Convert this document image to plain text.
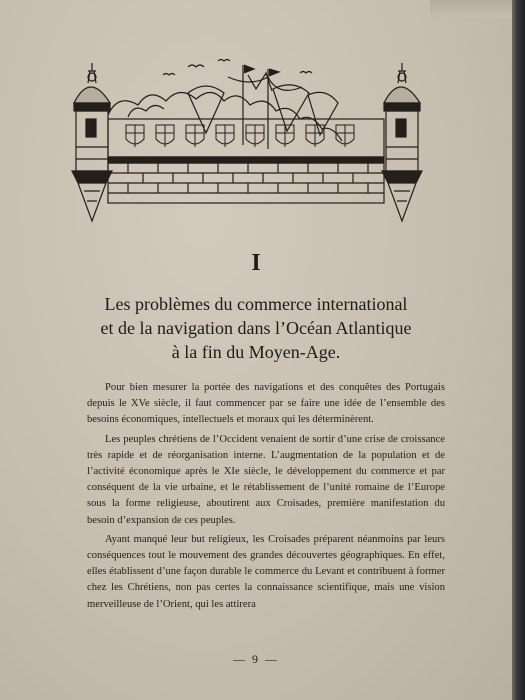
I
Les problèmes du commerce international
et de la navigation dans l’Océan Atlantique
à la fin du Moyen-Age.

Pour bien mesurer la portée des navigations et des conquêtes des Portugais depuis le XVe siècle, il faut commencer par se faire une idée de l’ensemble des besoins économiques, intellectuels et moraux qui les déterminèrent.

Les peuples chrétiens de l’Occident venaient de sortir d’une crise de croissance très rapide et de réorganisation interne. L’augmentation de la population et de l’activité économique après le XIe siècle, le développement du commerce et par conséquent de la vie urbaine, et le rétablissement de l’unité romaine de l’Europe sous la forme religieuse, aboutirent aux Croisades, première manifestation du besoin d’expansion de ces peuples.

Ayant manqué leur but religieux, les Croisades préparent néanmoins par leurs conséquences tout le mouvement des grandes découvertes géographiques. En effet, elles établissent d’une façon durable le commerce du Levant et contribuent à former chez les Chrétiens, non pas certes la connaissance scientifique, mais une vision merveilleuse de l’Orient, qui les attirera

— 9 —
